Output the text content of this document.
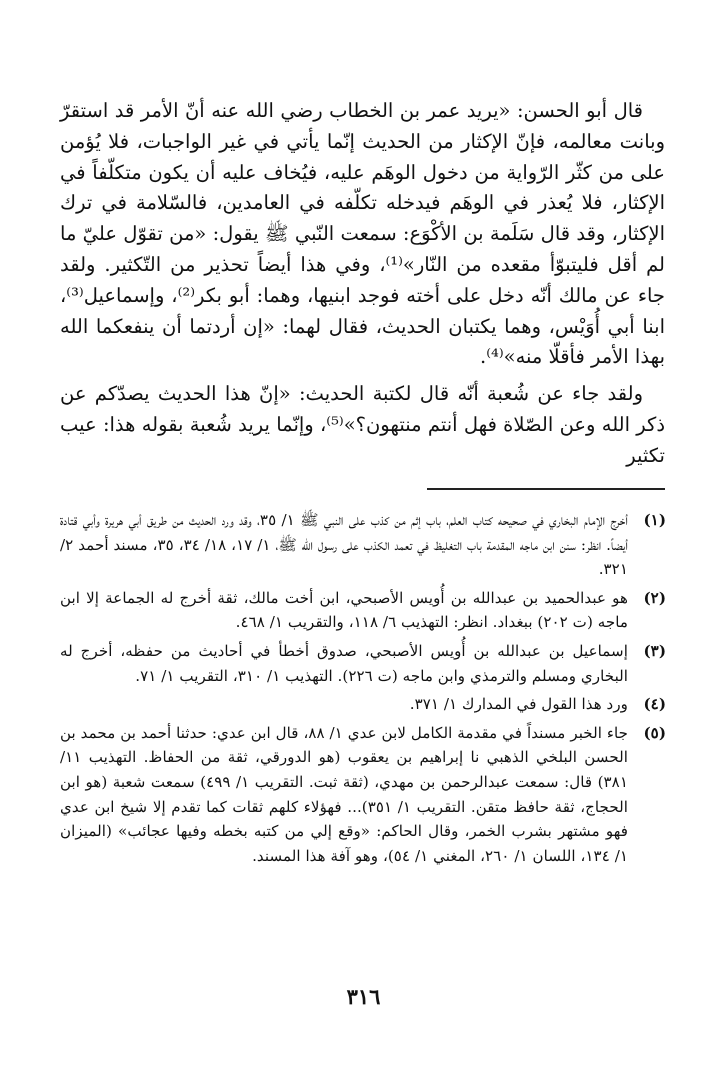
قال أبو الحسن: «يريد عمر بن الخطاب رضي الله عنه أنّ الأمر قد استقرّ وبانت معالمه، فإنّ الإكثار من الحديث إنّما يأتي في غير الواجبات، فلا يُؤمن على من كثّر الرّواية من دخول الوهَم عليه، فيُخاف عليه أن يكون متكلّفاً في الإكثار، فلا يُعذر في الوهَم فيدخله تكلّفه في العامدين، فالسّلامة في ترك الإكثار، وقد قال سَلَمة بن الأكْوَع: سمعت النّبي ﷺ يقول: «من تقوّل عليّ ما لم أقل فليتبوّأ مقعده من النّار»⁽¹⁾، وفي هذا أيضاً تحذير من التّكثير. ولقد جاء عن مالك أنّه دخل على أخته فوجد ابنيها، وهما: أبو بكر⁽²⁾، وإسماعيل⁽³⁾، ابنا أبي أُوَيْس، وهما يكتبان الحديث، فقال لهما: «إن أردتما أن ينفعكما الله بهذا الأمر فأقلّا منه»⁽⁴⁾.

ولقد جاء عن شُعبة أنّه قال لكتبة الحديث: «إنّ هذا الحديث يصدّكم عن ذكر الله وعن الصّلاة فهل أنتم منتهون؟»⁽⁵⁾، وإنّما يريد شُعبة بقوله هذا: عيب تكثير

(١)
أخرج الإمام البخاري في صحيحه كتاب العلم، باب إثم من كذب على النبي ﷺ ١/ ٣٥، وقد ورد الحديث من طريق أبي هريرة وأبي قتادة أيضاً. انظر: سنن ابن ماجه المقدمة باب التغليظ في تعمد الكذب على رسول الله ﷺ، ١/ ١٧، ١٨/ ٣٤، ٣٥، مسند أحمد ٢/ ٣٢١.
(٢)
هو عبدالحميد بن عبدالله بن أُويس الأصبحي، ابن أخت مالك، ثقة أخرج له الجماعة إلا ابن ماجه (ت ٢٠٢) ببغداد. انظر: التهذيب ٦/ ١١٨، والتقريب ١/ ٤٦٨.
(٣)
إسماعيل بن عبدالله بن أُويس الأصبحي، صدوق أخطأ في أحاديث من حفظه، أخرج له البخاري ومسلم والترمذي وابن ماجه (ت ٢٢٦). التهذيب ١/ ٣١٠، التقريب ١/ ٧١.
(٤)
ورد هذا القول في المدارك ١/ ٣٧١.
(٥)
جاء الخبر مسنداً في مقدمة الكامل لابن عدي ١/ ٨٨، قال ابن عدي: حدثنا أحمد بن محمد بن الحسن البلخي الذهبي نا إبراهيم بن يعقوب (هو الدورقي، ثقة من الحفاظ. التهذيب ١١/ ٣٨١) قال: سمعت عبدالرحمن بن مهدي، (ثقة ثبت. التقريب ١/ ٤٩٩) سمعت شعبة (هو ابن الحجاج، ثقة حافظ متقن. التقريب ١/ ٣٥١)... فهؤلاء كلهم ثقات كما تقدم إلا شيخ ابن عدي فهو مشتهر بشرب الخمر، وقال الحاكم: «وقع إلي من كتبه بخطه وفيها عجائب» (الميزان ١/ ١٣٤، اللسان ١/ ٢٦٠، المغني ١/ ٥٤)، وهو آفة هذا المسند.
٣١٦
